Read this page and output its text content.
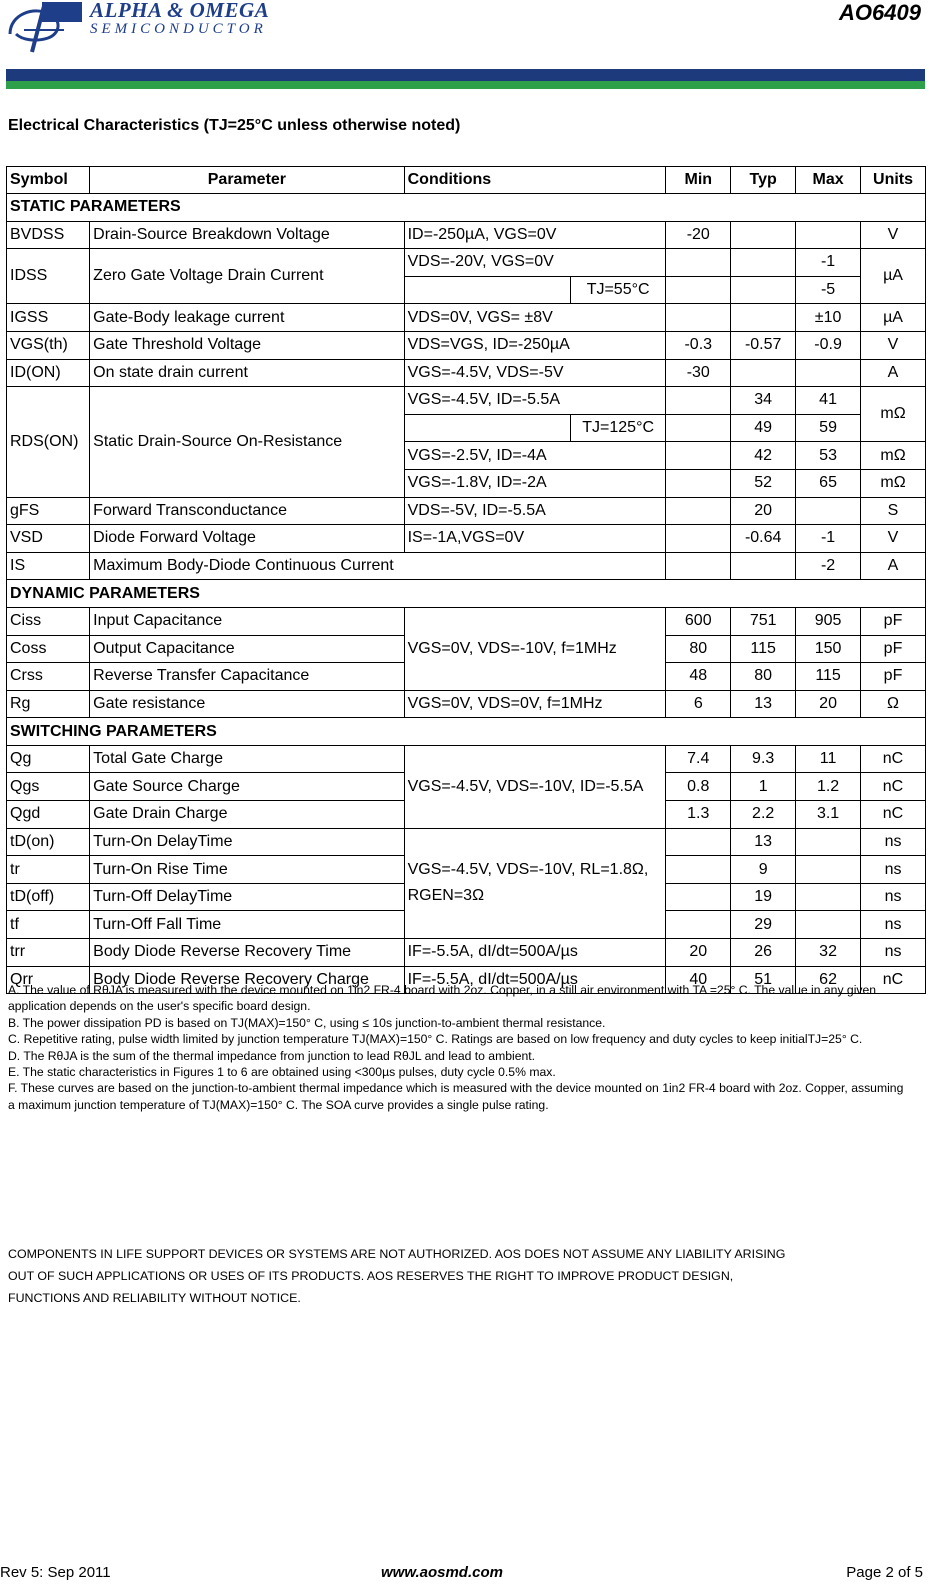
ALPHA & OMEGA
SEMICONDUCTOR
AO6409
Electrical Characteristics (TJ=25°C unless otherwise noted)
Symbol	Parameter	Conditions		Min	Typ	Max	Units
STATIC PARAMETERS							
BVDSS	Drain-Source Breakdown Voltage	ID=-250µA, VGS=0V		-20			V
IDSS	Zero Gate Voltage Drain Current	VDS=-20V, VGS=0V				-1	µA
			TJ=55°C			-5	
IGSS	Gate-Body leakage current	VDS=0V, VGS= ±8V				±10	µA
VGS(th)	Gate Threshold Voltage	VDS=VGS, ID=-250µA		-0.3	-0.57	-0.9	V
ID(ON)	On state drain current	VGS=-4.5V, VDS=-5V		-30			A
RDS(ON)	Static Drain-Source On-Resistance	VGS=-4.5V, ID=-5.5A			34	41	mΩ
			TJ=125°C		49	59	
		VGS=-2.5V, ID=-4A			42	53	mΩ
		VGS=-1.8V, ID=-2A			52	65	mΩ
gFS	Forward Transconductance	VDS=-5V, ID=-5.5A			20		S
VSD	Diode Forward Voltage	IS=-1A,VGS=0V			-0.64	-1	V
IS	Maximum Body-Diode Continuous Current					-2	A
DYNAMIC PARAMETERS							
Ciss	Input Capacitance	VGS=0V, VDS=-10V, f=1MHz		600	751	905	pF
Coss	Output Capacitance			80	115	150	pF
Crss	Reverse Transfer Capacitance			48	80	115	pF
Rg	Gate resistance	VGS=0V, VDS=0V, f=1MHz		6	13	20	Ω
SWITCHING PARAMETERS							
Qg	Total Gate Charge	VGS=-4.5V, VDS=-10V, ID=-5.5A		7.4	9.3	11	nC
Qgs	Gate Source Charge			0.8	1	1.2	nC
Qgd	Gate Drain Charge			1.3	2.2	3.1	nC
tD(on)	Turn-On DelayTime	VGS=-4.5V, VDS=-10V, RL=1.8Ω,
RGEN=3Ω			13		ns
tr	Turn-On Rise Time				9		ns
tD(off)	Turn-Off DelayTime				19		ns
tf	Turn-Off Fall Time				29		ns
trr	Body Diode Reverse Recovery Time	IF=-5.5A, dI/dt=500A/µs		20	26	32	ns
Qrr	Body Diode Reverse Recovery Charge	IF=-5.5A, dI/dt=500A/µs		40	51	62	nC

A. The value of RθJA is measured with the device mounted on 1in2 FR-4 board with 2oz. Copper, in a still air environment with TA =25° C. The value in any given application depends on the user's specific board design.

B. The power dissipation PD is based on TJ(MAX)=150° C, using ≤ 10s junction-to-ambient thermal resistance.

C. Repetitive rating, pulse width limited by junction temperature TJ(MAX)=150° C. Ratings are based on low frequency and duty cycles to keep initialTJ=25° C.

D. The RθJA is the sum of the thermal impedance from junction to lead RθJL and lead to ambient.

E. The static characteristics in Figures 1 to 6 are obtained using <300µs pulses, duty cycle 0.5% max.

F. These curves are based on the junction-to-ambient thermal impedance which is measured with the device mounted on 1in2 FR-4 board with 2oz. Copper, assuming a maximum junction temperature of TJ(MAX)=150° C. The SOA curve provides a single pulse rating.

COMPONENTS IN LIFE SUPPORT DEVICES OR SYSTEMS ARE NOT AUTHORIZED. AOS DOES NOT ASSUME ANY LIABILITY ARISING
OUT OF SUCH APPLICATIONS OR USES OF ITS PRODUCTS. AOS RESERVES THE RIGHT TO IMPROVE PRODUCT DESIGN,
FUNCTIONS AND RELIABILITY WITHOUT NOTICE.
Rev 5: Sep 2011	www.aosmd.com	Page 2 of 5
